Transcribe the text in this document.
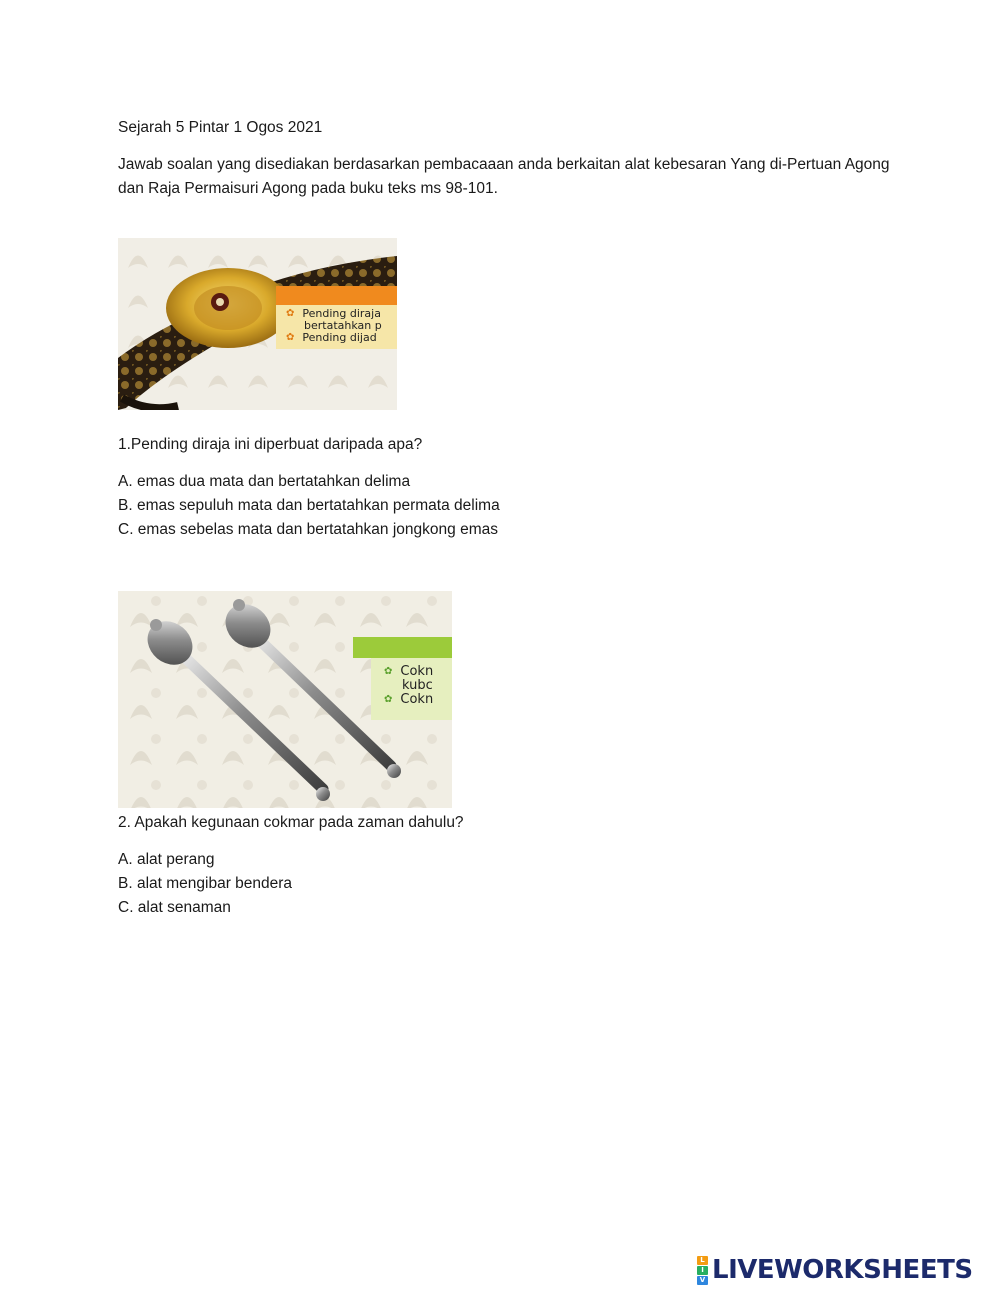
Sejarah 5 Pintar 1 Ogos 2021
Jawab soalan yang disediakan berdasarkan pembacaaan anda berkaitan alat kebesaran Yang di-Pertuan Agong dan Raja Permaisuri Agong pada buku teks ms 98-101.
✿ Pending diraja
bertatahkan p
✿ Pending dijad
1.Pending diraja ini diperbuat daripada apa?
A. emas dua mata dan bertatahkan delima
B. emas sepuluh mata dan bertatahkan permata delima
C. emas sebelas mata dan bertatahkan jongkong emas
✿ Cokn
kubc
✿ Cokn
2. Apakah kegunaan cokmar pada zaman dahulu?
A. alat perang
B. alat mengibar bendera
C. alat senaman
L
I
V LIVEWORKSHEETS
